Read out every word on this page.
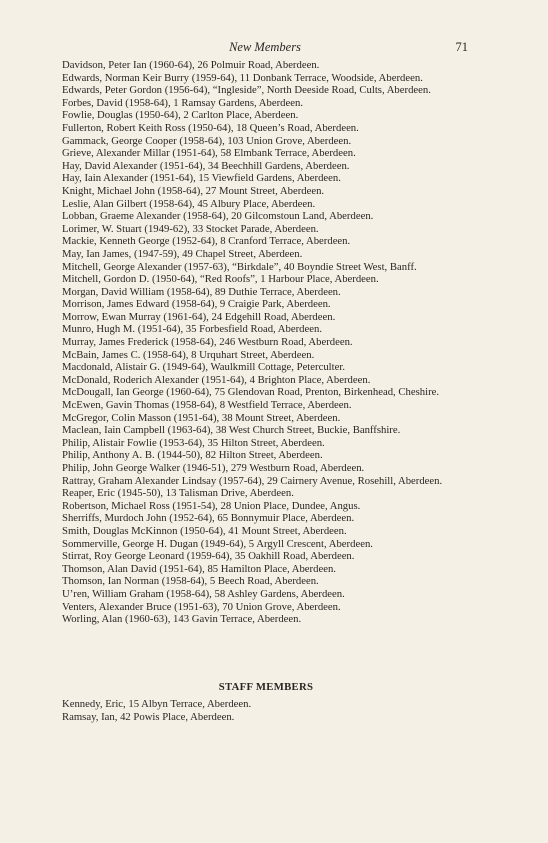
New Members	71
Davidson, Peter Ian (1960-64), 26 Polmuir Road, Aberdeen.
Edwards, Norman Keir Burry (1959-64), 11 Donbank Terrace, Woodside, Aberdeen.
Edwards, Peter Gordon (1956-64), “Ingleside”, North Deeside Road, Cults, Aberdeen.
Forbes, David (1958-64), 1 Ramsay Gardens, Aberdeen.
Fowlie, Douglas (1950-64), 2 Carlton Place, Aberdeen.
Fullerton, Robert Keith Ross (1950-64), 18 Queen’s Road, Aberdeen.
Gammack, George Cooper (1958-64), 103 Union Grove, Aberdeen.
Grieve, Alexander Millar (1951-64), 58 Elmbank Terrace, Aberdeen.
Hay, David Alexander (1951-64), 34 Beechhill Gardens, Aberdeen.
Hay, Iain Alexander (1951-64), 15 Viewfield Gardens, Aberdeen.
Knight, Michael John (1958-64), 27 Mount Street, Aberdeen.
Leslie, Alan Gilbert (1958-64), 45 Albury Place, Aberdeen.
Lobban, Graeme Alexander (1958-64), 20 Gilcomstoun Land, Aberdeen.
Lorimer, W. Stuart (1949-62), 33 Stocket Parade, Aberdeen.
Mackie, Kenneth George (1952-64), 8 Cranford Terrace, Aberdeen.
May, Ian James, (1947-59), 49 Chapel Street, Aberdeen.
Mitchell, George Alexander (1957-63), “Birkdale”, 40 Boyndie Street West, Banff.
Mitchell, Gordon D. (1950-64), “Red Roofs”, 1 Harbour Place, Aberdeen.
Morgan, David William (1958-64), 89 Duthie Terrace, Aberdeen.
Morrison, James Edward (1958-64), 9 Craigie Park, Aberdeen.
Morrow, Ewan Murray (1961-64), 24 Edgehill Road, Aberdeen.
Munro, Hugh M. (1951-64), 35 Forbesfield Road, Aberdeen.
Murray, James Frederick (1958-64), 246 Westburn Road, Aberdeen.
McBain, James C. (1958-64), 8 Urquhart Street, Aberdeen.
Macdonald, Alistair G. (1949-64), Waulkmill Cottage, Peterculter.
McDonald, Roderich Alexander (1951-64), 4 Brighton Place, Aberdeen.
McDougall, Ian George (1960-64), 75 Glendovan Road, Prenton, Birkenhead, Cheshire.
McEwen, Gavin Thomas (1958-64), 8 Westfield Terrace, Aberdeen.
McGregor, Colin Masson (1951-64), 38 Mount Street, Aberdeen.
Maclean, Iain Campbell (1963-64), 38 West Church Street, Buckie, Banffshire.
Philip, Alistair Fowlie (1953-64), 35 Hilton Street, Aberdeen.
Philip, Anthony A. B. (1944-50), 82 Hilton Street, Aberdeen.
Philip, John George Walker (1946-51), 279 Westburn Road, Aberdeen.
Rattray, Graham Alexander Lindsay (1957-64), 29 Cairnery Avenue, Rosehill, Aberdeen.
Reaper, Eric (1945-50), 13 Talisman Drive, Aberdeen.
Robertson, Michael Ross (1951-54), 28 Union Place, Dundee, Angus.
Sherriffs, Murdoch John (1952-64), 65 Bonnymuir Place, Aberdeen.
Smith, Douglas McKinnon (1950-64), 41 Mount Street, Aberdeen.
Sommerville, George H. Dugan (1949-64), 5 Argyll Crescent, Aberdeen.
Stirrat, Roy George Leonard (1959-64), 35 Oakhill Road, Aberdeen.
Thomson, Alan David (1951-64), 85 Hamilton Place, Aberdeen.
Thomson, Ian Norman (1958-64), 5 Beech Road, Aberdeen.
U’ren, William Graham (1958-64), 58 Ashley Gardens, Aberdeen.
Venters, Alexander Bruce (1951-63), 70 Union Grove, Aberdeen.
Worling, Alan (1960-63), 143 Gavin Terrace, Aberdeen.
STAFF MEMBERS
Kennedy, Eric, 15 Albyn Terrace, Aberdeen.
Ramsay, Ian, 42 Powis Place, Aberdeen.
